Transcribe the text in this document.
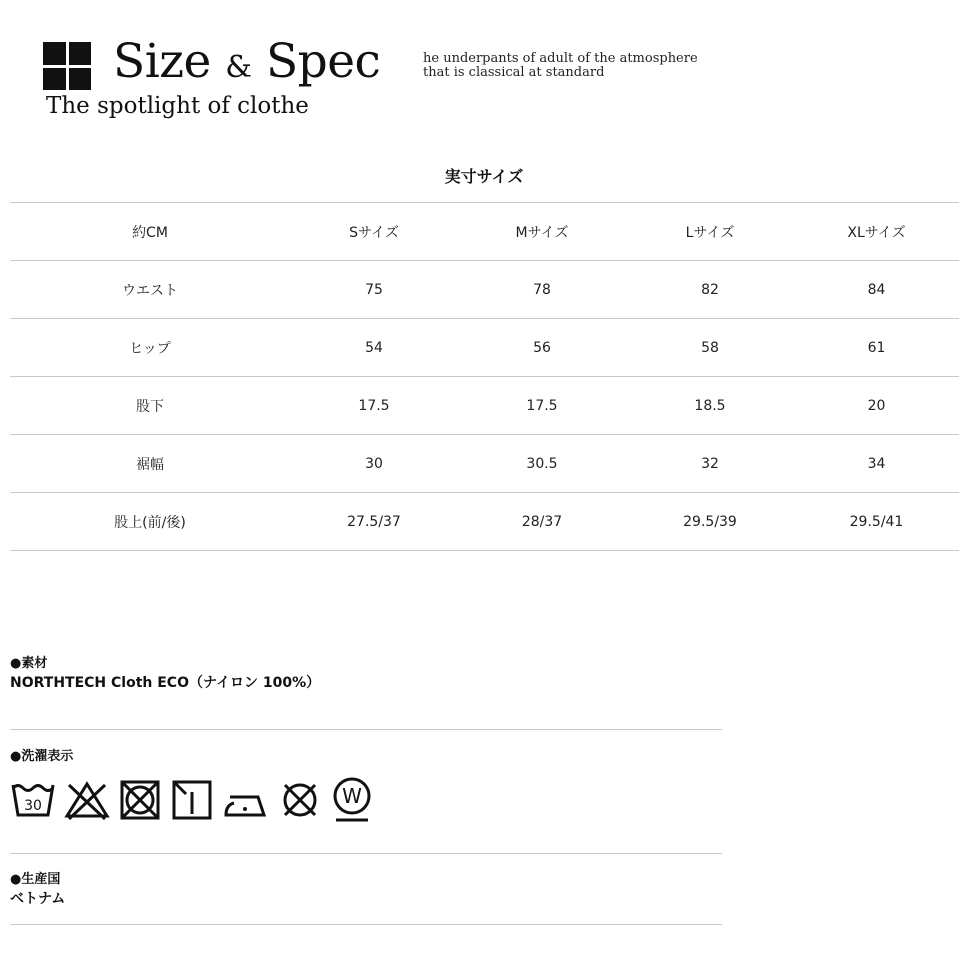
Size & Spec
The spotlight of clothe
he underpants of adult of the atmosphere
that is classical at standard
実寸サイズ
約CM	Sサイズ	Mサイズ	Lサイズ	XLサイズ
ウエスト	75	78	82	84
ヒップ	54	56	58	61
股下	17.5	17.5	18.5	20
裾幅	30	30.5	32	34
股上(前/後)	27.5/37	28/37	29.5/39	29.5/41
●素材
NORTHTECH Cloth ECO（ナイロン 100%）
●洗濯表示
30	W
●生産国
ベトナム
